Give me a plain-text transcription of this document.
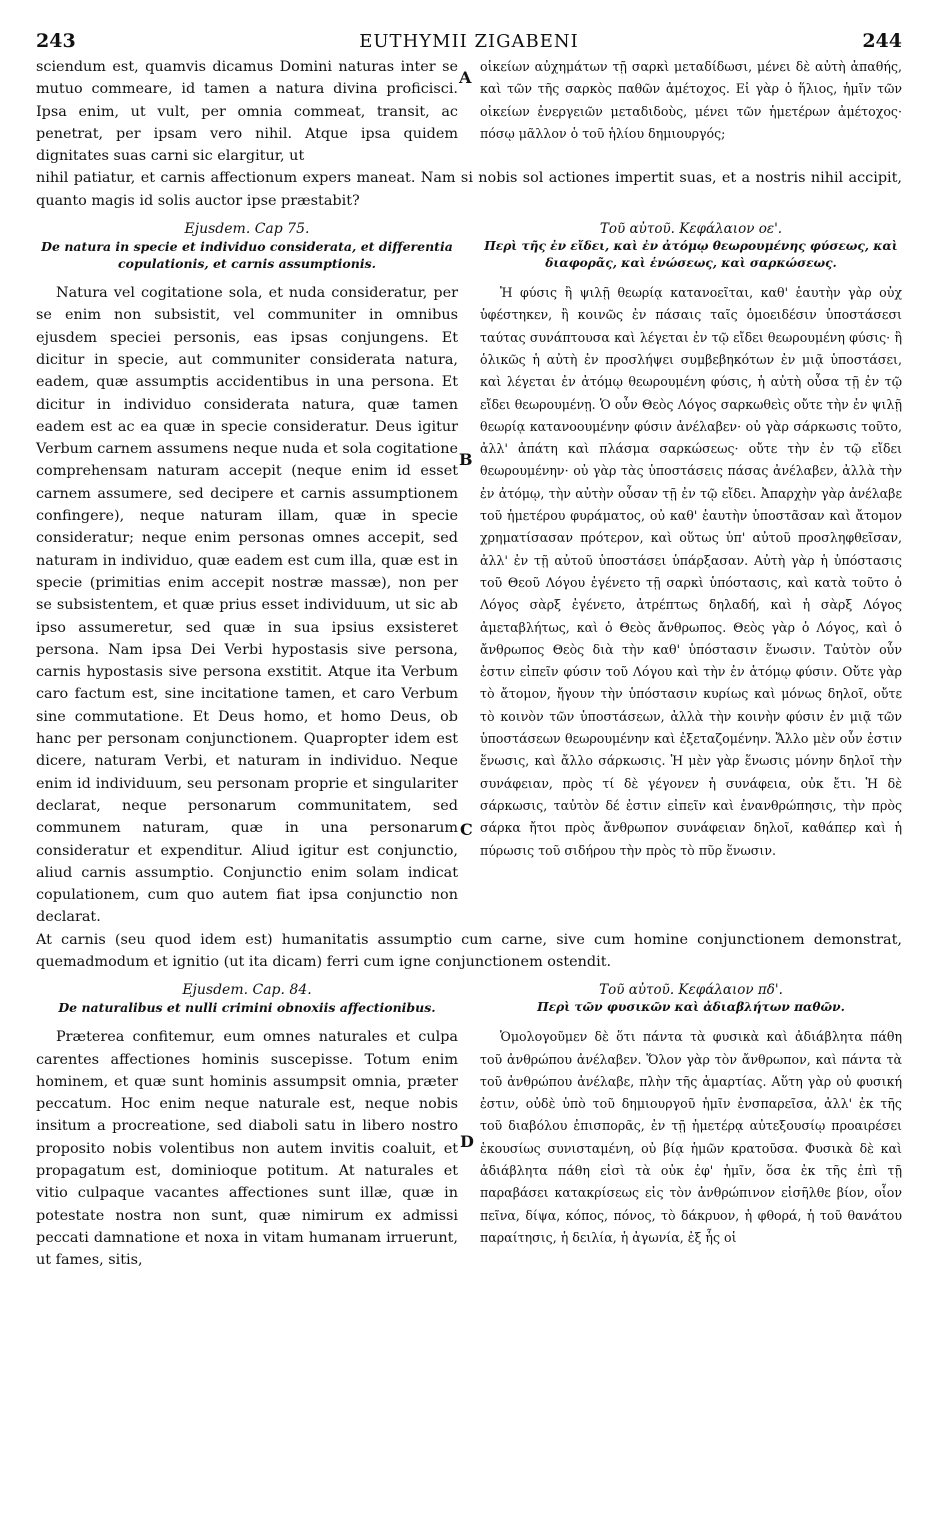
243	EUTHYMII ZIGABENI	244

sciendum est, quamvis dicamus Domini naturas inter se mutuo commeare, id tamen a natura divina proficisci. Ipsa enim, ut vult, per omnia commeat, transit, ac penetrat, per ipsam vero nihil. Atque ipsa quidem dignitates suas carni sic elargitur, ut

οἰκείων αὐχημάτων τῇ σαρκὶ μεταδίδωσι, μένει δὲ αὐτὴ ἀπαθής, καὶ τῶν τῆς σαρκὸς παθῶν ἀμέτοχος. Εἰ γὰρ ὁ ἥλιος, ἡμῖν τῶν οἰκείων ἐνεργειῶν μεταδιδοὺς, μένει τῶν ἡμετέρων ἀμέτοχος· πόσῳ μᾶλλον ὁ τοῦ ἡλίου δημιουργός;

nihil patiatur, et carnis affectionum expers maneat. Nam si nobis sol actiones impertit suas, et a nostris nihil accipit, quanto magis id solis auctor ipse præstabit?

Ejusdem. Cap 75.
De natura in specie et individuo considerata, et differentia copulationis, et carnis assumptionis.

Natura vel cogitatione sola, et nuda consideratur, per se enim non subsistit, vel communiter in omnibus ejusdem speciei personis, eas ipsas conjungens. Et dicitur in specie, aut communiter considerata natura, eadem, quæ assumptis accidentibus in una persona. Et dicitur in individuo considerata natura, quæ tamen eadem est ac ea quæ in specie consideratur. Deus igitur Verbum carnem assumens neque nuda et sola cogitatione comprehensam naturam accepit (neque enim id esset carnem assumere, sed decipere et carnis assumptionem confingere), neque naturam illam, quæ in specie consideratur; neque enim personas omnes accepit, sed naturam in individuo, quæ eadem est cum illa, quæ est in specie (primitias enim accepit nostræ massæ), non per se subsistentem, et quæ prius esset individuum, ut sic ab ipso assumeretur, sed quæ in sua ipsius exsisteret persona. Nam ipsa Dei Verbi hypostasis sive persona, carnis hypostasis sive persona exstitit. Atque ita Verbum caro factum est, sine incitatione tamen, et caro Verbum sine commutatione. Et Deus homo, et homo Deus, ob hanc per personam conjunctionem. Quapropter idem est dicere, naturam Verbi, et naturam in individuo. Neque enim id individuum, seu personam proprie et singulariter declarat, neque personarum communitatem, sed communem naturam, quæ in una personarum consideratur et expenditur. Aliud igitur est conjunctio, aliud carnis assumptio. Conjunctio enim solam indicat copulationem, cum quo autem fiat ipsa conjunctio non declarat.

Τοῦ αὐτοῦ. Κεφάλαιον οε'.
Περὶ τῆς ἐν εἴδει, καὶ ἐν ἀτόμῳ θεωρουμένης φύσεως, καὶ διαφορᾶς, καὶ ἑνώσεως, καὶ σαρκώσεως.

Ἡ φύσις ἢ ψιλῇ θεωρίᾳ κατανοεῖται, καθ' ἑαυτὴν γὰρ οὐχ ὑφέστηκεν, ἢ κοινῶς ἐν πάσαις ταῖς ὁμοειδέσιν ὑποστάσεσι ταύτας συνάπτουσα καὶ λέγεται ἐν τῷ εἴδει θεωρουμένη φύσις· ἢ ὁλικῶς ἡ αὐτὴ ἐν προσλήψει συμβεβηκότων ἐν μιᾷ ὑποστάσει, καὶ λέγεται ἐν ἀτόμῳ θεωρουμένη φύσις, ἡ αὐτὴ οὖσα τῇ ἐν τῷ εἴδει θεωρουμένῃ. Ὁ οὖν Θεὸς Λόγος σαρκωθεὶς οὔτε τὴν ἐν ψιλῇ θεωρίᾳ κατανοουμένην φύσιν ἀνέλαβεν· οὐ γὰρ σάρκωσις τοῦτο, ἀλλ' ἀπάτη καὶ πλάσμα σαρκώσεως· οὔτε τὴν ἐν τῷ εἴδει θεωρουμένην· οὐ γὰρ τὰς ὑποστάσεις πάσας ἀνέλαβεν, ἀλλὰ τὴν ἐν ἀτόμῳ, τὴν αὐτὴν οὖσαν τῇ ἐν τῷ εἴδει. Ἀπαρχὴν γὰρ ἀνέλαβε τοῦ ἡμετέρου φυράματος, οὐ καθ' ἑαυτὴν ὑποστᾶσαν καὶ ἄτομον χρηματίσασαν πρότερον, καὶ οὕτως ὑπ' αὐτοῦ προσληφθεῖσαν, ἀλλ' ἐν τῇ αὐτοῦ ὑποστάσει ὑπάρξασαν. Αὐτὴ γὰρ ἡ ὑπόστασις τοῦ Θεοῦ Λόγου ἐγένετο τῇ σαρκὶ ὑπόστασις, καὶ κατὰ τοῦτο ὁ Λόγος σὰρξ ἐγένετο, ἀτρέπτως δηλαδή, καὶ ἡ σὰρξ Λόγος ἀμεταβλήτως, καὶ ὁ Θεὸς ἄνθρωπος. Θεὸς γὰρ ὁ Λόγος, καὶ ὁ ἄνθρωπος Θεὸς διὰ τὴν καθ' ὑπόστασιν ἕνωσιν. Ταὐτὸν οὖν ἐστιν εἰπεῖν φύσιν τοῦ Λόγου καὶ τὴν ἐν ἀτόμῳ φύσιν. Οὔτε γὰρ τὸ ἄτομον, ἤγουν τὴν ὑπόστασιν κυρίως καὶ μόνως δηλοῖ, οὔτε τὸ κοινὸν τῶν ὑποστάσεων, ἀλλὰ τὴν κοινὴν φύσιν ἐν μιᾷ τῶν ὑποστάσεων θεωρουμένην καὶ ἐξεταζομένην. Ἄλλο μὲν οὖν ἐστιν ἕνωσις, καὶ ἄλλο σάρκωσις. Ἡ μὲν γὰρ ἕνωσις μόνην δηλοῖ τὴν συνάφειαν, πρὸς τί δὲ γέγονεν ἡ συνάφεια, οὐκ ἔτι. Ἡ δὲ σάρκωσις, ταὐτὸν δέ ἐστιν εἰπεῖν καὶ ἐνανθρώπησις, τὴν πρὸς σάρκα ἤτοι πρὸς ἄνθρωπον συνάφειαν δηλοῖ, καθάπερ καὶ ἡ πύρωσις τοῦ σιδήρου τὴν πρὸς τὸ πῦρ ἕνωσιν.

At carnis (seu quod idem est) humanitatis assumptio cum carne, sive cum homine conjunctionem demonstrat, quemadmodum et ignitio (ut ita dicam) ferri cum igne conjunctionem ostendit.

Ejusdem. Cap. 84.
De naturalibus et nulli crimini obnoxiis affectionibus.

Præterea confitemur, eum omnes naturales et culpa carentes affectiones hominis suscepisse. Totum enim hominem, et quæ sunt hominis assumpsit omnia, præter peccatum. Hoc enim neque naturale est, neque nobis insitum a procreatione, sed diaboli satu in libero nostro proposito nobis volentibus non autem invitis coaluit, et propagatum est, dominioque potitum. At naturales et vitio culpaque vacantes affectiones sunt illæ, quæ in potestate nostra non sunt, quæ nimirum ex admissi peccati damnatione et noxa in vitam humanam irruerunt, ut fames, sitis,

Τοῦ αὐτοῦ. Κεφάλαιον πδ'.
Περὶ τῶν φυσικῶν καὶ ἀδιαβλήτων παθῶν.

Ὁμολογοῦμεν δὲ ὅτι πάντα τὰ φυσικὰ καὶ ἀδιάβλητα πάθη τοῦ ἀνθρώπου ἀνέλαβεν. Ὅλον γὰρ τὸν ἄνθρωπον, καὶ πάντα τὰ τοῦ ἀνθρώπου ἀνέλαβε, πλὴν τῆς ἁμαρτίας. Αὕτη γὰρ οὐ φυσική ἐστιν, οὐδὲ ὑπὸ τοῦ δημιουργοῦ ἡμῖν ἐνσπαρεῖσα, ἀλλ' ἐκ τῆς τοῦ διαβόλου ἐπισπορᾶς, ἐν τῇ ἡμετέρᾳ αὐτεξουσίῳ προαιρέσει ἑκουσίως συνισταμένη, οὐ βίᾳ ἡμῶν κρατοῦσα. Φυσικὰ δὲ καὶ ἀδιάβλητα πάθη εἰσὶ τὰ οὐκ ἐφ' ἡμῖν, ὅσα ἐκ τῆς ἐπὶ τῇ παραβάσει κατακρίσεως εἰς τὸν ἀνθρώπινον εἰσῆλθε βίον, οἷον πεῖνα, δίψα, κόπος, πόνος, τὸ δάκρυον, ἡ φθορά, ἡ τοῦ θανάτου παραίτησις, ἡ δειλία, ἡ ἀγωνία, ἐξ ἧς οἱ

A
B
C
D
